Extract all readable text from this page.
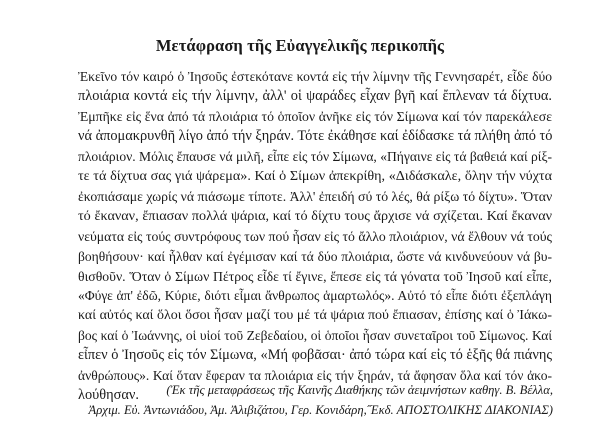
Μετάφραση τῆς Εὐαγγελικῆς περικοπῆς
Ἐκεῖνο τόν καιρό ὁ Ἰησοῦς ἐστεκότανε κοντά εἰς τήν λίμνην τῆς Γεννησαρέτ, εἶδε δύο
πλοιάρια κοντά εἰς τήν λίμνην, ἀλλ' οἱ ψαράδες εἶχαν βγῆ καί ἔπλεναν τά δίχτυα.
Ἐμπῆκε εἰς ἕνα ἀπό τά πλοιάρια τό ὁποῖον ἀνῆκε εἰς τόν Σίμωνα καί τόν παρεκάλεσε
νά ἀπομακρυνθῆ λίγο ἀπό τήν ξηράν. Τότε ἐκάθησε καί ἐδίδασκε τά πλήθη ἀπό τό
πλοιάριον. Μόλις ἔπαυσε νά μιλῆ, εἶπε εἰς τόν Σίμωνα, «Πήγαινε εἰς τά βαθειά καί ρίξ-
τε τά δίχτυα σας γιά ψάρεμα». Καί ὁ Σίμων ἀπεκρίθη, «Διδάσκαλε, ὅλην τήν νύχτα
ἐκοπιάσαμε χωρίς νά πιάσωμε τίποτε. Ἀλλ' ἐπειδή σύ τό λές, θά ρίξω τό δίχτυ». Ὅταν
τό ἔκαναν, ἔπιασαν πολλά ψάρια, καί τό δίχτυ τους ἄρχισε νά σχίζεται. Καί ἔκαναν
νεύματα εἰς τούς συντρόφους των πού ἦσαν εἰς τό ἄλλο πλοιάριον, νά ἔλθουν νά τούς
βοηθήσουν· καί ἦλθαν καί ἐγέμισαν καί τά δύο πλοιάρια, ὥστε νά κινδυνεύουν νά βυ-
θισθοῦν. Ὅταν ὁ Σίμων Πέτρος εἶδε τί ἔγινε, ἔπεσε εἰς τά γόνατα τοῦ Ἰησοῦ καί εἶπε,
«Φύγε ἀπ' ἐδῶ, Κύριε, διότι εἶμαι ἄνθρωπος ἁμαρτωλός». Αὐτό τό εἶπε διότι ἐξεπλάγη
καί αὐτός καί ὅλοι ὅσοι ἦσαν μαζί του μέ τά ψάρια πού ἔπιασαν, ἐπίσης καί ὁ Ἰάκω-
βος καί ὁ Ἰωάννης, οἱ υἱοί τοῦ Ζεβεδαίου, οἱ ὁποῖοι ἦσαν συνεταῖροι τοῦ Σίμωνος. Καί
εἶπεν ὁ Ἰησοῦς εἰς τόν Σίμωνα, «Μή φοβᾶσαι· ἀπό τώρα καί εἰς τό ἑξῆς θά πιάνης
ἀνθρώπους». Καί ὅταν ἔφεραν τα πλοιάρια εἰς τήν ξηράν, τά ἄφησαν ὅλα καί τόν ἀκο-
λούθησαν.	(Ἐκ τῆς μεταφράσεως τῆς Καινῆς Διαθήκης τῶν ἀειμνήστων καθηγ. Β. Βέλλα,
Ἀρχιμ. Εὐ. Ἀντωνιάδου, Ἀμ. Ἀλιβιζάτου, Γερ. Κονιδάρη,˝Εκδ. ΑΠΟΣΤΟΛΙΚΗΣ ΔΙΑΚΟΝΙΑΣ)
